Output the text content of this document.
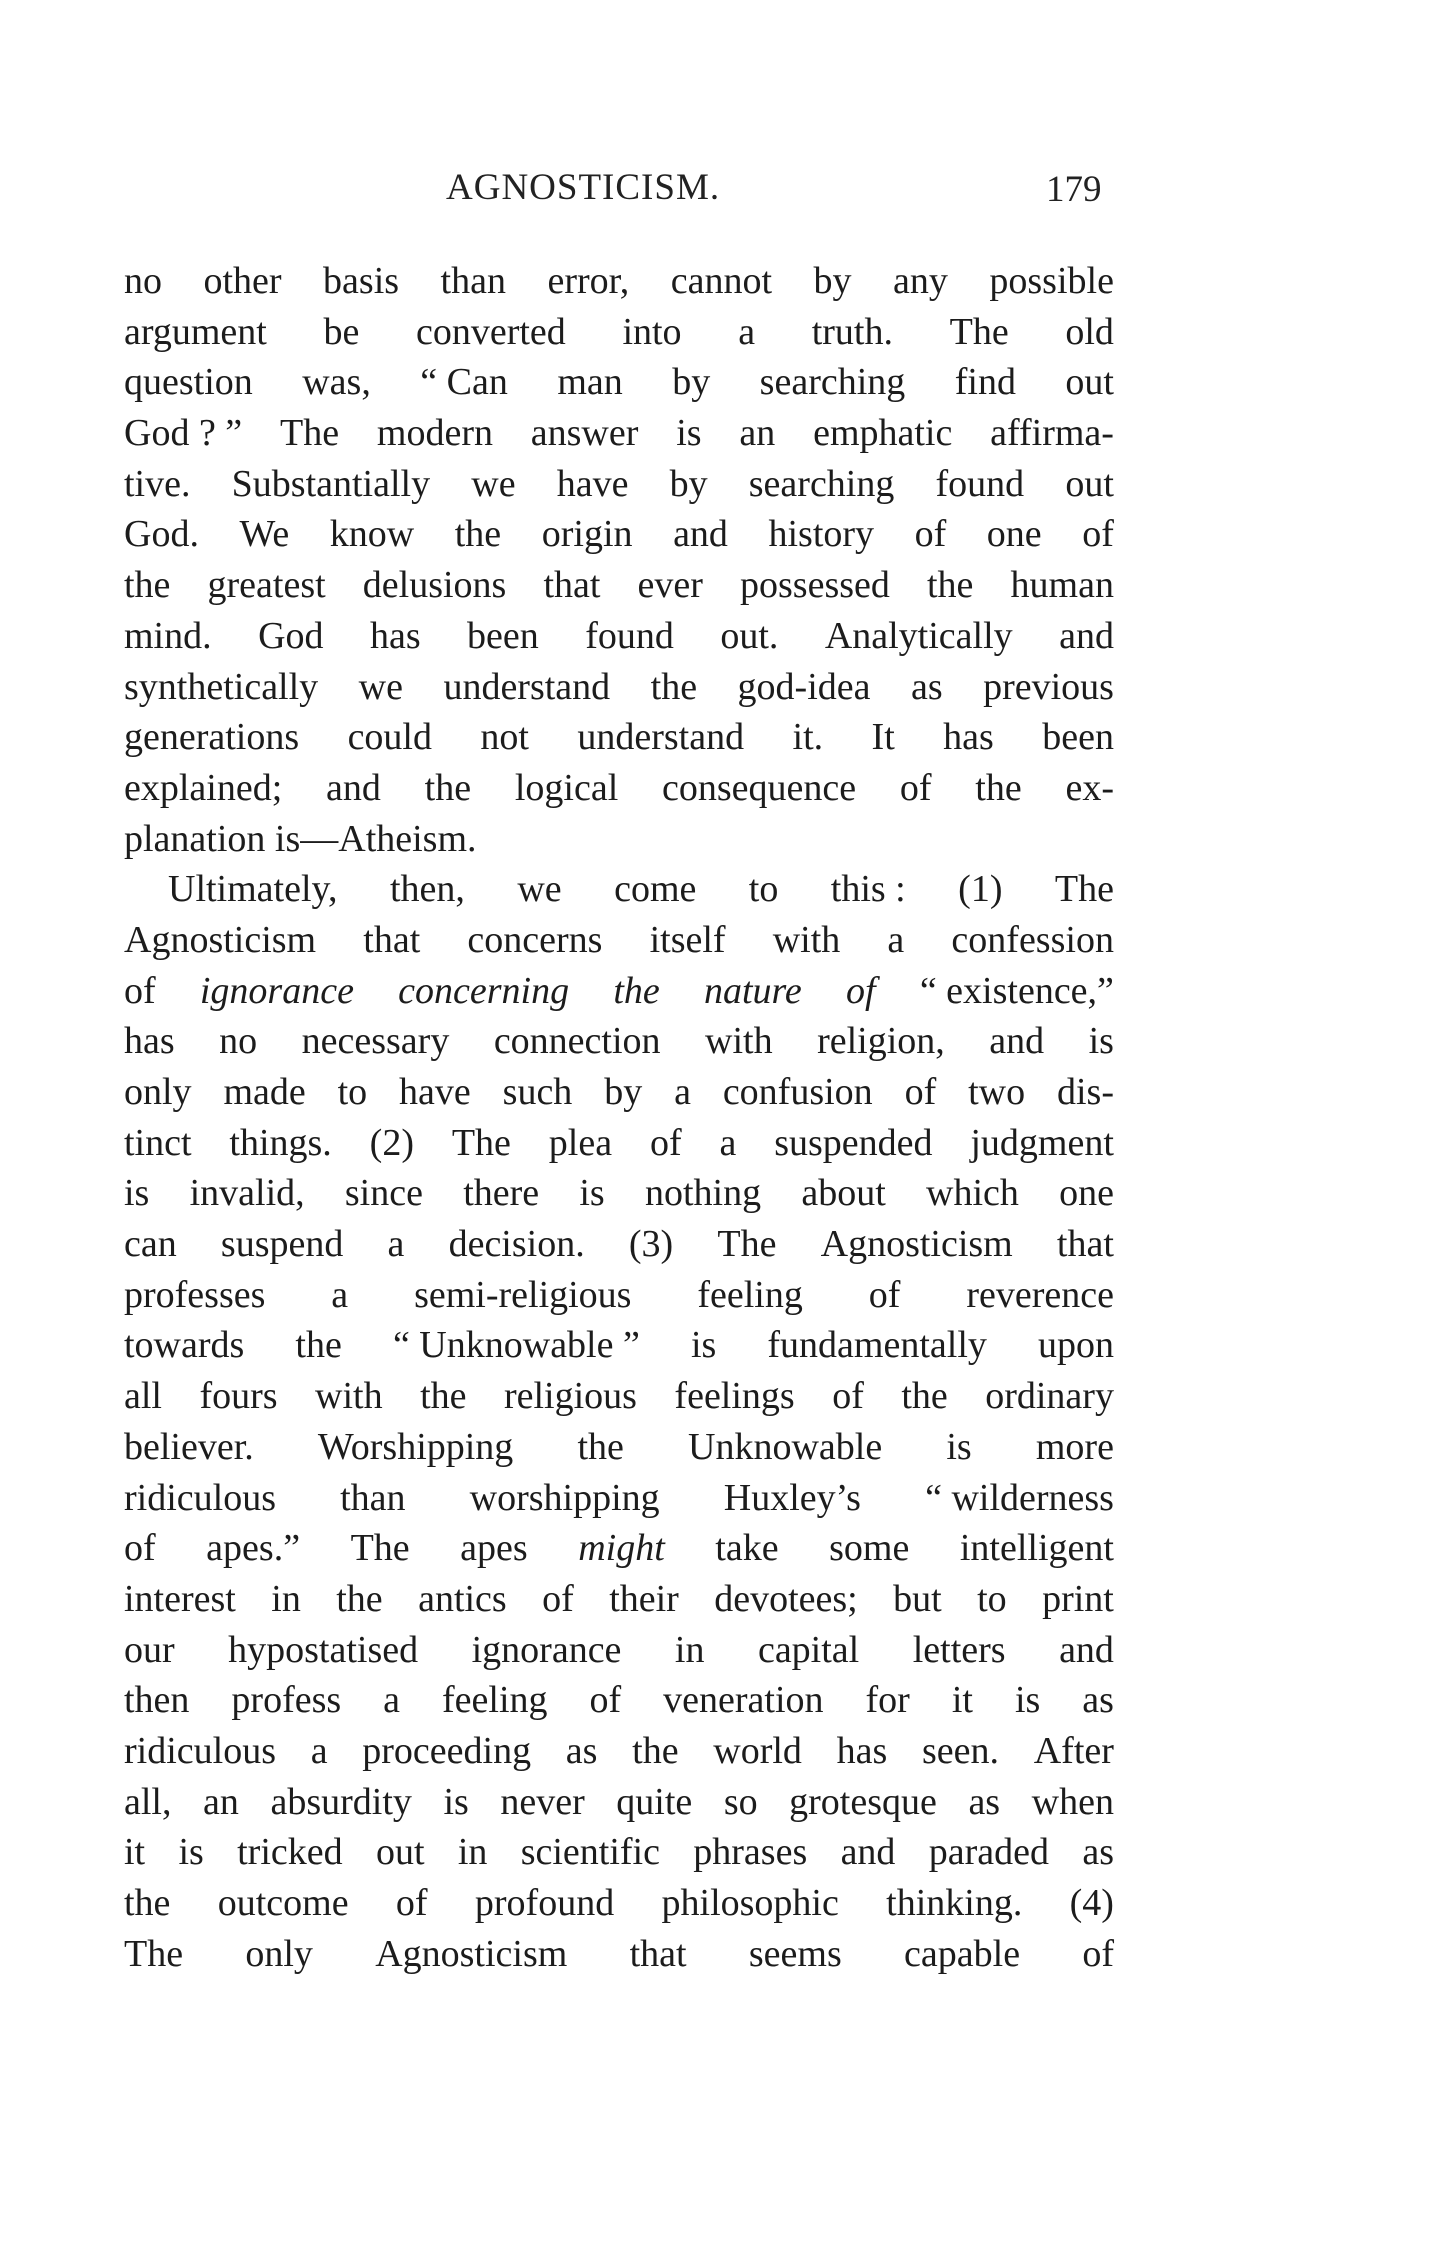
AGNOSTICISM.	179
no other basis than error, cannot by any possible
argument be converted into a truth. The old
question was, “ Can man by searching find out
God ? ” The modern answer is an emphatic affirma-
tive. Substantially we have by searching found out
God. We know the origin and history of one of
the greatest delusions that ever possessed the human
mind. God has been found out. Analytically and
synthetically we understand the god-idea as previous
generations could not understand it. It has been
explained; and the logical consequence of the ex-
planation
is—Atheism.
Ultimately, then, we come to this : (1) The
Agnosticism that concerns itself with a confession
of ignorance concerning the nature of “ existence,”
has no necessary connection with religion, and is
only made to have such by a confusion of two dis-
tinct things. (2) The plea of a suspended judgment
is invalid, since there is nothing about which one
can suspend a decision. (3) The Agnosticism that
professes a semi-religious feeling of reverence
towards the “ Unknowable ” is fundamentally upon
all fours with the religious feelings of the ordinary
believer. Worshipping the Unknowable is more
ridiculous than worshipping Huxley’s “ wilderness
of apes.” The apes might take some intelligent
interest in the antics of their devotees; but to print
our hypostatised ignorance in capital letters and
then profess a feeling of veneration for it is as
ridiculous a proceeding as the world has seen. After
all, an absurdity is never quite so grotesque as when
it is tricked out in scientific phrases and paraded as
the outcome of profound philosophic thinking. (4)
The only Agnosticism that seems capable of
